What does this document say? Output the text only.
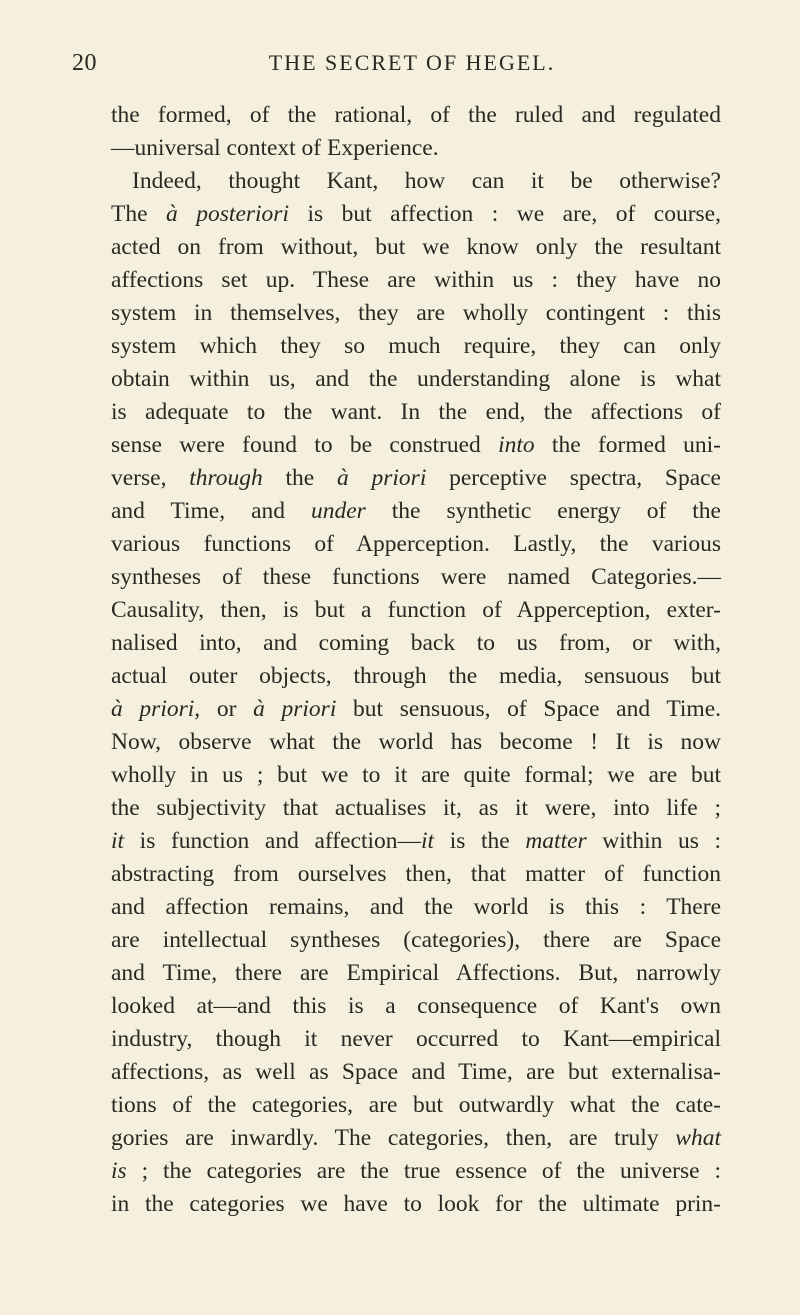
20	THE SECRET OF HEGEL.
the formed, of the rational, of the ruled and regulated
—universal context of Experience.
Indeed, thought Kant, how can it be otherwise?
The à posteriori is but affection : we are, of course,
acted on from without, but we know only the resultant
affections set up. These are within us : they have no
system in themselves, they are wholly contingent : this
system which they so much require, they can only
obtain within us, and the understanding alone is what
is adequate to the want. In the end, the affections of
sense were found to be construed into the formed uni-
verse, through the à priori perceptive spectra, Space
and Time, and under the synthetic energy of the
various functions of Apperception. Lastly, the various
syntheses of these functions were named Categories.—
Causality, then, is but a function of Apperception, exter-
nalised into, and coming back to us from, or with,
actual outer objects, through the media, sensuous but
à priori, or à priori but sensuous, of Space and Time.
Now, observe what the world has become ! It is now
wholly in us ; but we to it are quite formal; we are but
the subjectivity that actualises it, as it were, into life ;
it is function and affection—it is the matter within us :
abstracting from ourselves then, that matter of function
and affection remains, and the world is this : There
are intellectual syntheses (categories), there are Space
and Time, there are Empirical Affections. But, narrowly
looked at—and this is a consequence of Kant's own
industry, though it never occurred to Kant—empirical
affections, as well as Space and Time, are but externalisa-
tions of the categories, are but outwardly what the cate-
gories are inwardly. The categories, then, are truly what
is ; the categories are the true essence of the universe :
in the categories we have to look for the ultimate prin-
